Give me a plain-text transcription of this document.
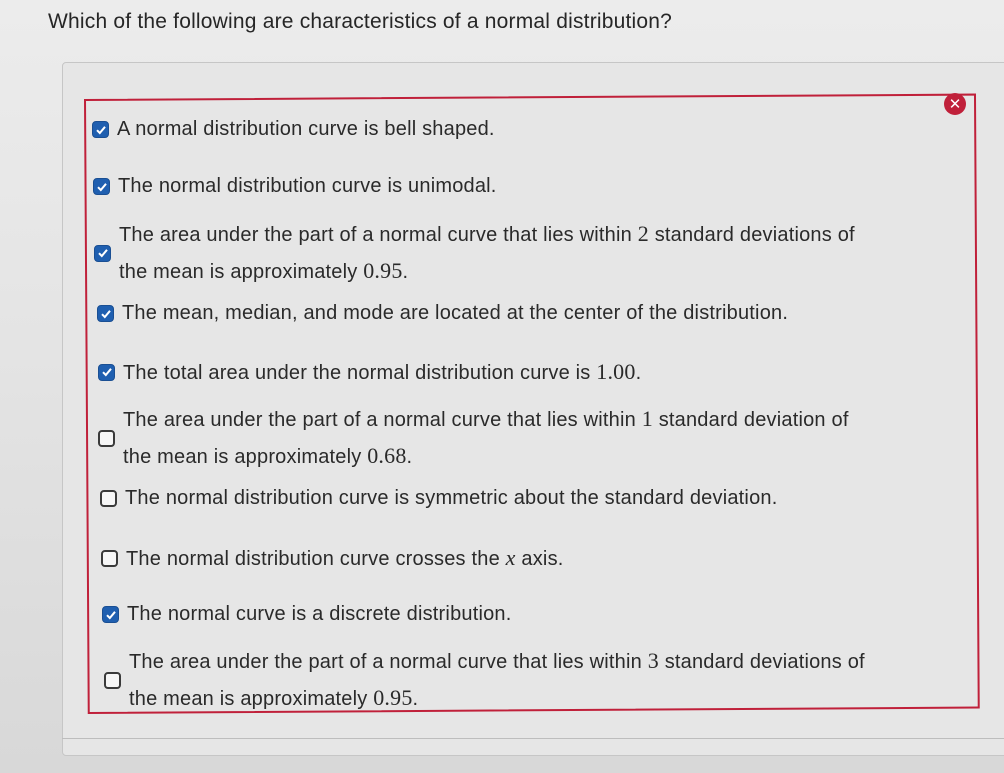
Which of the following are characteristics of a normal distribution?
✕
A normal distribution curve is bell shaped.
The normal distribution curve is unimodal.
The area under the part of a normal curve that lies within 2 standard deviations of
the mean is approximately 0.95.
The mean, median, and mode are located at the center of the distribution.
The total area under the normal distribution curve is 1.00.
The area under the part of a normal curve that lies within 1 standard deviation of
the mean is approximately 0.68.
The normal distribution curve is symmetric about the standard deviation.
The normal distribution curve crosses the x axis.
The normal curve is a discrete distribution.
The area under the part of a normal curve that lies within 3 standard deviations of
the mean is approximately 0.95.
